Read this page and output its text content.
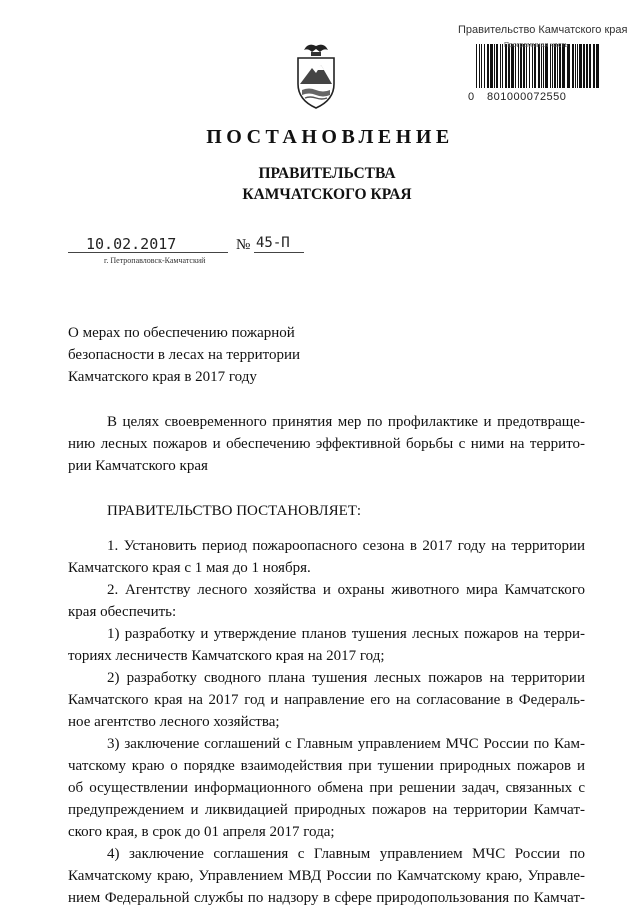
Правительство Камчатского края
Программная часть
0 801000072550
ПОСТАНОВЛЕНИЕ
ПРАВИТЕЛЬСТВА
КАМЧАТСКОГО КРАЯ
10.02.2017	№ 45-П
г. Петропавловск-Камчатский
О мерах по обеспечению пожарной
безопасности в лесах на территории
Камчатского края в 2017 году
В целях своевременного принятия мер по профилактике и предотвраще-
нию лесных пожаров и обеспечению эффективной борьбы с ними на террито-
рии Камчатского края
ПРАВИТЕЛЬСТВО ПОСТАНОВЛЯЕТ:
1. Установить период пожароопасного сезона в 2017 году на территории
Камчатского края с 1 мая до 1 ноября.
2. Агентству лесного хозяйства и охраны животного мира Камчатского
края обеспечить:
1) разработку и утверждение планов тушения лесных пожаров на терри-
ториях лесничеств Камчатского края на 2017 год;
2) разработку сводного плана тушения лесных пожаров на территории
Камчатского края на 2017 год и направление его на согласование в Федераль-
ное агентство лесного хозяйства;
3) заключение соглашений с Главным управлением МЧС России по Кам-
чатскому краю о порядке взаимодействия при тушении природных пожаров и
об осуществлении информационного обмена при решении задач, связанных с
предупреждением и ликвидацией природных пожаров на территории Камчат-
ского края, в срок до 01 апреля 2017 года;
4) заключение соглашения с Главным управлением МЧС России по
Камчатскому краю, Управлением МВД России по Камчатскому краю, Управле-
нием Федеральной службы по надзору в сфере природопользования по Камчат-
